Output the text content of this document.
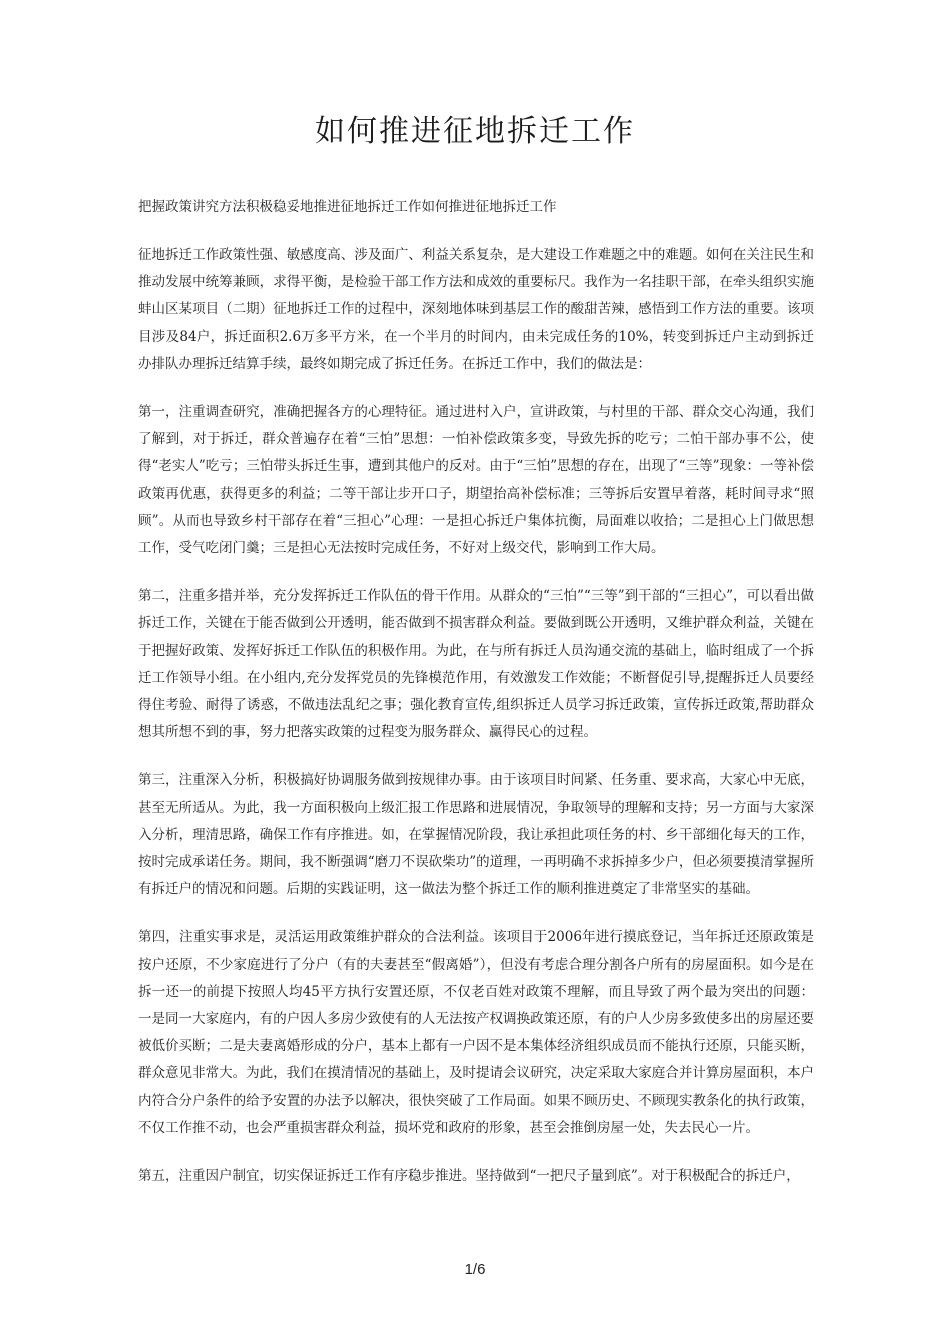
如何推进征地拆迁工作
把握政策讲究方法积极稳妥地推进征地拆迁工作如何推进征地拆迁工作

征地拆迁工作政策性强、敏感度高、涉及面广、利益关系复杂，是大建设工作难题之中的难题。如何在关注民生和推动发展中统筹兼顾，求得平衡，是检验干部工作方法和成效的重要标尺。我作为一名挂职干部，在牵头组织实施蚌山区某项目（二期）征地拆迁工作的过程中，深刻地体味到基层工作的酸甜苦辣，感悟到工作方法的重要。该项目涉及84户，拆迁面积2.6万多平方米，在一个半月的时间内，由未完成任务的10%，转变到拆迁户主动到拆迁办排队办理拆迁结算手续，最终如期完成了拆迁任务。在拆迁工作中，我们的做法是：

第一，注重调查研究，准确把握各方的心理特征。通过进村入户，宣讲政策，与村里的干部、群众交心沟通，我们了解到，对于拆迁，群众普遍存在着“三怕”思想：一怕补偿政策多变，导致先拆的吃亏；二怕干部办事不公，使得“老实人”吃亏；三怕带头拆迁生事，遭到其他户的反对。由于“三怕”思想的存在，出现了“三等”现象：一等补偿政策再优惠，获得更多的利益；二等干部让步开口子，期望抬高补偿标准；三等拆后安置早着落，耗时间寻求“照顾”。从而也导致乡村干部存在着“三担心”心理：一是担心拆迁户集体抗衡，局面难以收拾；二是担心上门做思想工作，受气吃闭门羹；三是担心无法按时完成任务，不好对上级交代，影响到工作大局。

第二，注重多措并举，充分发挥拆迁工作队伍的骨干作用。从群众的“三怕”“三等”到干部的“三担心”，可以看出做拆迁工作，关键在于能否做到公开透明，能否做到不损害群众利益。要做到既公开透明，又维护群众利益，关键在于把握好政策、发挥好拆迁工作队伍的积极作用。为此，在与所有拆迁人员沟通交流的基础上，临时组成了一个拆迁工作领导小组。在小组内,充分发挥党员的先锋模范作用，有效激发工作效能；不断督促引导,提醒拆迁人员要经得住考验、耐得了诱惑，不做违法乱纪之事；强化教育宣传,组织拆迁人员学习拆迁政策，宣传拆迁政策,帮助群众想其所想不到的事，努力把落实政策的过程变为服务群众、赢得民心的过程。

第三，注重深入分析，积极搞好协调服务做到按规律办事。由于该项目时间紧、任务重、要求高，大家心中无底，甚至无所适从。为此，我一方面积极向上级汇报工作思路和进展情况，争取领导的理解和支持；另一方面与大家深入分析，理清思路，确保工作有序推进。如，在掌握情况阶段，我让承担此项任务的村、乡干部细化每天的工作，按时完成承诺任务。期间，我不断强调“磨刀不误砍柴功”的道理，一再明确不求拆掉多少户，但必须要摸清掌握所有拆迁户的情况和问题。后期的实践证明，这一做法为整个拆迁工作的顺利推进奠定了非常坚实的基础。

第四，注重实事求是，灵活运用政策维护群众的合法利益。该项目于2006年进行摸底登记，当年拆迁还原政策是按户还原，不少家庭进行了分户（有的夫妻甚至“假离婚”），但没有考虑合理分割各户所有的房屋面积。如今是在拆一还一的前提下按照人均45平方执行安置还原，不仅老百姓对政策不理解，而且导致了两个最为突出的问题：一是同一大家庭内，有的户因人多房少致使有的人无法按产权调换政策还原，有的户人少房多致使多出的房屋还要被低价买断；二是夫妻离婚形成的分户，基本上都有一户因不是本集体经济组织成员而不能执行还原，只能买断，群众意见非常大。为此，我们在摸清情况的基础上，及时提请会议研究，决定采取大家庭合并计算房屋面积，本户内符合分户条件的给予安置的办法予以解决，很快突破了工作局面。如果不顾历史、不顾现实教条化的执行政策，不仅工作推不动，也会严重损害群众利益，损坏党和政府的形象，甚至会推倒房屋一处，失去民心一片。

第五，注重因户制宜，切实保证拆迁工作有序稳步推进。坚持做到“一把尺子量到底”。对于积极配合的拆迁户，

1/6
